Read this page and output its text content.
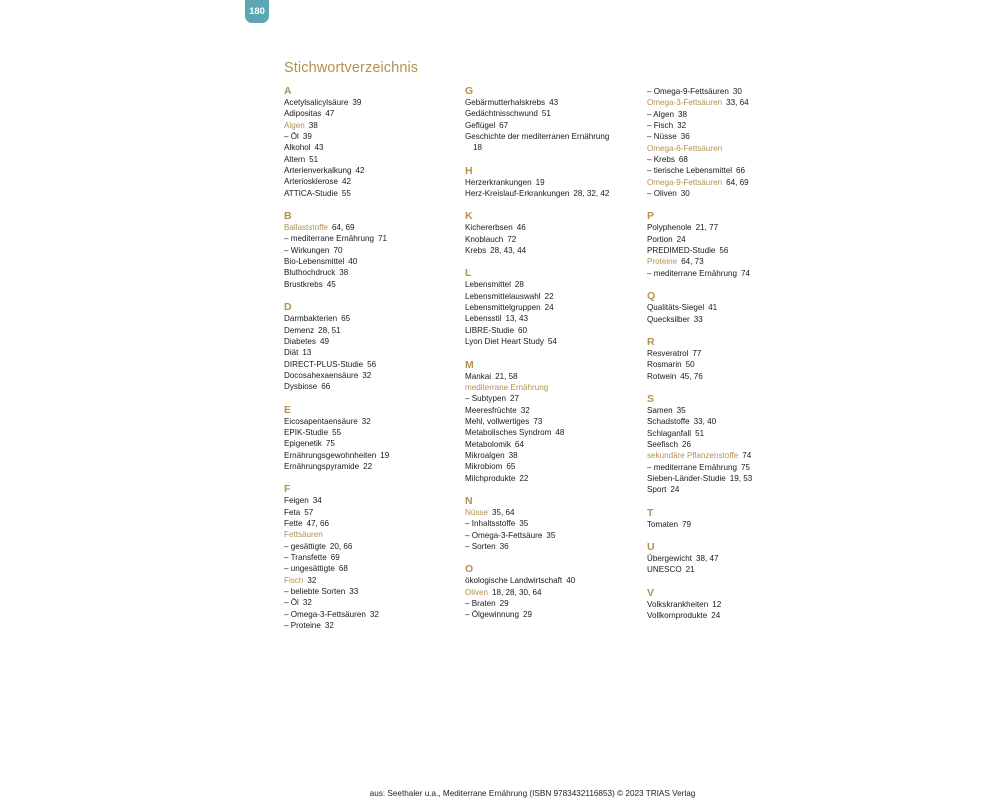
180
Stichwortverzeichnis
A
Acetylsalicylsäure 39
Adipositas 47
Algen 38
– Öl 39
Alkohol 43
Altern 51
Arterienverkalkung 42
Arteriosklerose 42
ATTICA-Studie 55
B
Ballaststoffe 64, 69
– mediterrane Ernährung 71
– Wirkungen 70
Bio-Lebensmittel 40
Bluthochdruck 38
Brustkrebs 45
D
Darmbakterien 65
Demenz 28, 51
Diabetes 49
Diät 13
DIRECT-PLUS-Studie 56
Docosahexaensäure 32
Dysbiose 66
E
Eicosapentaensäure 32
EPIK-Studie 55
Epigenetik 75
Ernährungsgewohnheiten 19
Ernährungspyramide 22
F
Feigen 34
Feta 57
Fette 47, 66
Fettsäuren
– gesättigte 20, 66
– Transfette 69
– ungesättigte 68
Fisch 32
– beliebte Sorten 33
– Öl 32
– Omega-3-Fettsäuren 32
– Proteine 32
G
Gebärmutterhalskrebs 43
Gedächtnisschwund 51
Geflügel 67
Geschichte der mediterranen Ernährung
18
H
Herzerkrankungen 19
Herz-Kreislauf-Erkrankungen 28, 32, 42
K
Kichererbsen 46
Knoblauch 72
Krebs 28, 43, 44
L
Lebensmittel 28
Lebensmittelauswahl 22
Lebensmittelgruppen 24
Lebensstil 13, 43
LIBRE-Studie 60
Lyon Diet Heart Study 54
M
Mankai 21, 58
mediterrane Ernährung
– Subtypen 27
Meeresfrüchte 32
Mehl, vollwertiges 73
Metabolisches Syndrom 48
Metabolomik 64
Mikroalgen 38
Mikrobiom 65
Milchprodukte 22
N
Nüsse 35, 64
– Inhaltsstoffe 35
– Omega-3-Fettsäure 35
– Sorten 36
O
ökologische Landwirtschaft 40
Oliven 18, 28, 30, 64
– Braten 29
– Ölgewinnung 29
– Omega-9-Fettsäuren 30
Omega-3-Fettsäuren 33, 64
– Algen 38
– Fisch 32
– Nüsse 36
Omega-6-Fettsäuren
– Krebs 68
– tierische Lebensmittel 66
Omega-9-Fettsäuren 64, 69
– Oliven 30
P
Polyphenole 21, 77
Portion 24
PREDIMED-Studie 56
Proteine 64, 73
– mediterrane Ernährung 74
Q
Qualitäts-Siegel 41
Quecksilber 33
R
Resveratrol 77
Rosmarin 50
Rotwein 45, 76
S
Samen 35
Schadstoffe 33, 40
Schlaganfall 51
Seefisch 26
sekundäre Pflanzenstoffe 74
– mediterrane Ernährung 75
Sieben-Länder-Studie 19, 53
Sport 24
T
Tomaten 79
U
Übergewicht 38, 47
UNESCO 21
V
Volkskrankheiten 12
Vollkornprodukte 24
aus: Seethaler u.a., Mediterrane Ernährung (ISBN 9783432116853) © 2023 TRIAS Verlag
